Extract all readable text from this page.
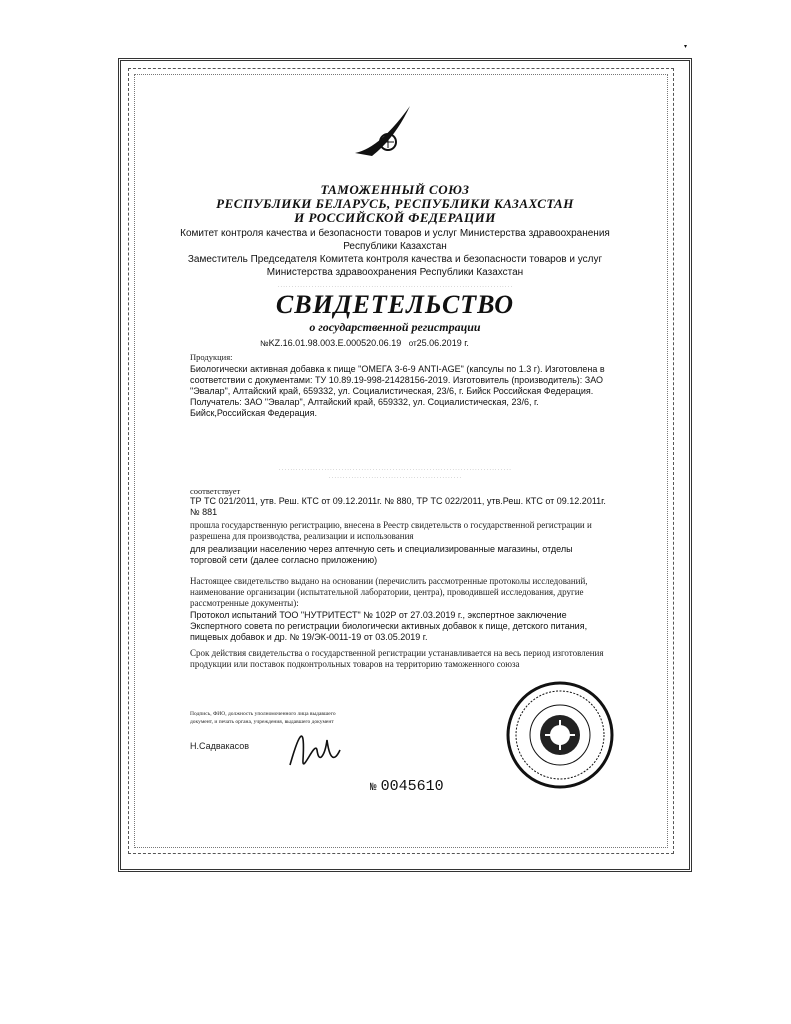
▾
ТАМОЖЕННЫЙ СОЮЗ
РЕСПУБЛИКИ БЕЛАРУСЬ, РЕСПУБЛИКИ КАЗАХСТАН
И РОССИЙСКОЙ ФЕДЕРАЦИИ
Комитет контроля качества и безопасности товаров и услуг Министерства здравоохранения
Республики Казахстан
Заместитель Председателя Комитета контроля качества и безопасности товаров и услуг
Министерства здравоохранения Республики Казахстан
· · · · · · · · · · · · · · · · · · · · · · · · · · · · · · · · · · · · · · · · · · · · · · · · · · · · · · · · · · · · · · · · · · · · · · · · · · · · · · · · · · ·
СВИДЕТЕЛЬСТВО
о государственной регистрации
№KZ.16.01.98.003.Е.000520.06.19 от25.06.2019 г.
Продукция:
Биологически активная добавка к пище "ОМЕГА 3-6-9 ANTI-AGE" (капсулы по 1.3 г). Изготовлена в соответствии с документами: ТУ 10.89.19-998-21428156-2019. Изготовитель (производитель): ЗАО "Эвалар", Алтайский край, 659332, ул. Социалистическая, 23/6, г. Бийск Российская Федерация. Получатель: ЗАО "Эвалар", Алтайский край, 659332, ул. Социалистическая, 23/6, г. Бийск,Российская Федерация.
· · · · · · · · · · · · · · · · · · · · · · · · · · · · · · · · · · · · · · · · · · · · · · · · · · · · · · · · · · · · · · · · · · · · · · · · · · · · · · · · · ·
· · · · · · · · · · · · · · · · · · · · · · · · · · · · · · · · · · · · · · · · · · · · · · ·
соответствует
ТР ТС 021/2011, утв. Реш. КТС от 09.12.2011г. № 880, ТР ТС 022/2011, утв.Реш. КТС от 09.12.2011г. № 881
прошла государственную регистрацию, внесена в Реестр свидетельств о государственной регистрации и разрешена для производства, реализации и использования
для реализации населению через аптечную сеть и специализированные магазины, отделы торговой сети (далее согласно приложению)
Настоящее свидетельство выдано на основании (перечислить рассмотренные протоколы исследований, наименование организации (испытательной лаборатории, центра), проводившей исследования, другие рассмотренные документы):
Протокол испытаний ТОО "НУТРИТЕСТ" № 102Р от 27.03.2019 г., экспертное заключение Экспертного совета по регистрации биологически активных добавок к пище, детского питания, пищевых добавок и др. № 19/ЭК-0011-19 от 03.05.2019 г.
Срок действия свидетельства о государственной регистрации устанавливается на весь период изготовления продукции или поставок подконтрольных товаров на территорию таможенного союза
Подпись, ФИО, должность уполномоченного лица выдавшего документ, и печать органа, учреждения, выдавшего документ
Н.Садвакасов
№ 0045610
